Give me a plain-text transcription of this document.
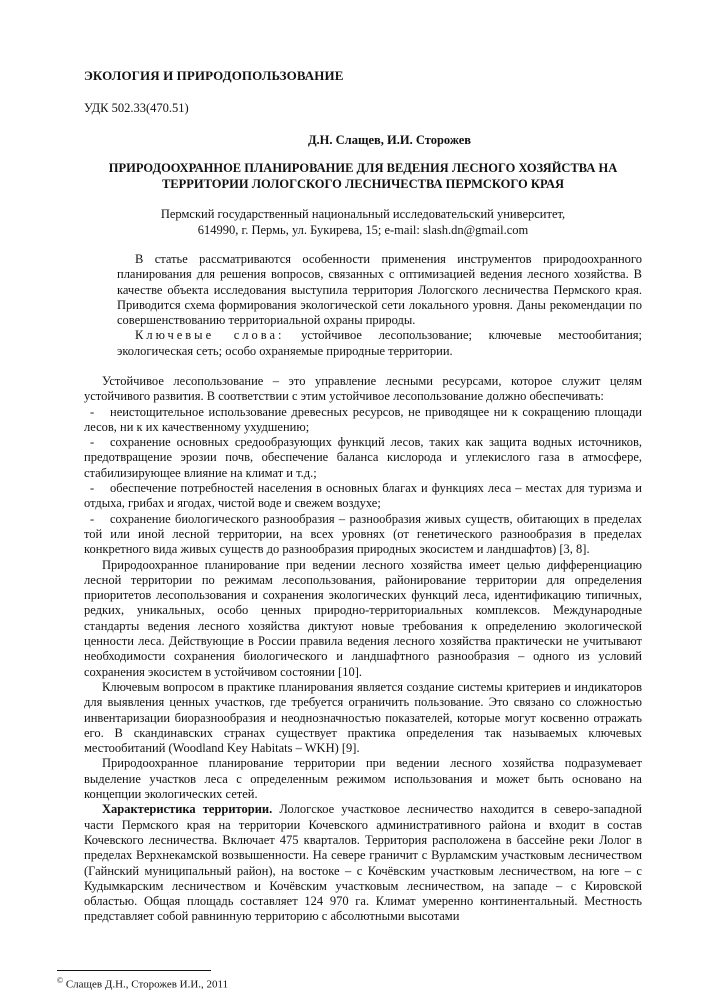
ЭКОЛОГИЯ И ПРИРОДОПОЛЬЗОВАНИЕ
УДК 502.33(470.51)
Д.Н. Слащев, И.И. Сторожев
ПРИРОДООХРАННОЕ ПЛАНИРОВАНИЕ ДЛЯ ВЕДЕНИЯ ЛЕСНОГО ХОЗЯЙСТВА НА ТЕРРИТОРИИ ЛОЛОГСКОГО ЛЕСНИЧЕСТВА ПЕРМСКОГО КРАЯ
Пермский государственный национальный исследовательский университет,
614990, г. Пермь, ул. Букирева, 15; e-mail: slash.dn@gmail.com

В статье рассматриваются особенности применения инструментов природоохранного планирования для решения вопросов, связанных с оптимизацией ведения лесного хозяйства. В качестве объекта исследования выступила территория Лологского лесничества Пермского края. Приводится схема формирования экологической сети локального уровня. Даны рекомендации по совершенствованию территориальной охраны природы.

Ключевые слова: устойчивое лесопользование; ключевые местообитания; экологическая сеть; особо охраняемые природные территории.

Устойчивое лесопользование – это управление лесными ресурсами, которое служит целям устойчивого развития. В соответствии с этим устойчивое лесопользование должно обеспечивать:

- неистощительное использование древесных ресурсов, не приводящее ни к сокращению площади лесов, ни к их качественному ухудшению;

- сохранение основных средообразующих функций лесов, таких как защита водных источников, предотвращение эрозии почв, обеспечение баланса кислорода и углекислого газа в атмосфере, стабилизирующее влияние на климат и т.д.;

- обеспечение потребностей населения в основных благах и функциях леса – местах для туризма и отдыха, грибах и ягодах, чистой воде и свежем воздухе;

- сохранение биологического разнообразия – разнообразия живых существ, обитающих в пределах той или иной лесной территории, на всех уровнях (от генетического разнообразия в пределах конкретного вида живых существ до разнообразия природных экосистем и ландшафтов) [3, 8].

Природоохранное планирование при ведении лесного хозяйства имеет целью дифференциацию лесной территории по режимам лесопользования, районирование территории для определения приоритетов лесопользования и сохранения экологических функций леса, идентификацию типичных, редких, уникальных, особо ценных природно-территориальных комплексов. Международные стандарты ведения лесного хозяйства диктуют новые требования к определению экологической ценности леса. Действующие в России правила ведения лесного хозяйства практически не учитывают необходимости сохранения биологического и ландшафтного разнообразия – одного из условий сохранения экосистем в устойчивом состоянии [10].

Ключевым вопросом в практике планирования является создание системы критериев и индикаторов для выявления ценных участков, где требуется ограничить пользование. Это связано со сложностью инвентаризации биоразнообразия и неоднозначностью показателей, которые могут косвенно отражать его. В скандинавских странах существует практика определения так называемых ключевых местообитаний (Woodland Key Habitats – WKH) [9].

Природоохранное планирование территории при ведении лесного хозяйства подразумевает выделение участков леса с определенным режимом использования и может быть основано на концепции экологических сетей.

Характеристика территории. Лологское участковое лесничество находится в северо-западной части Пермского края на территории Кочевского административного района и входит в состав Кочевского лесничества. Включает 475 кварталов. Территория расположена в бассейне реки Лолог в пределах Верхнекамской возвышенности. На севере граничит с Вурламским участковым лесничеством (Гайнский муниципальный район), на востоке – с Кочёвским участковым лесничеством, на юге – с Кудымкарским лесничеством и Кочёвским участковым лесничеством, на западе – с Кировской областью. Общая площадь составляет 124 970 га. Климат умеренно континентальный. Местность представляет собой равнинную территорию с абсолютными высотами

© Слащев Д.Н., Сторожев И.И., 2011
